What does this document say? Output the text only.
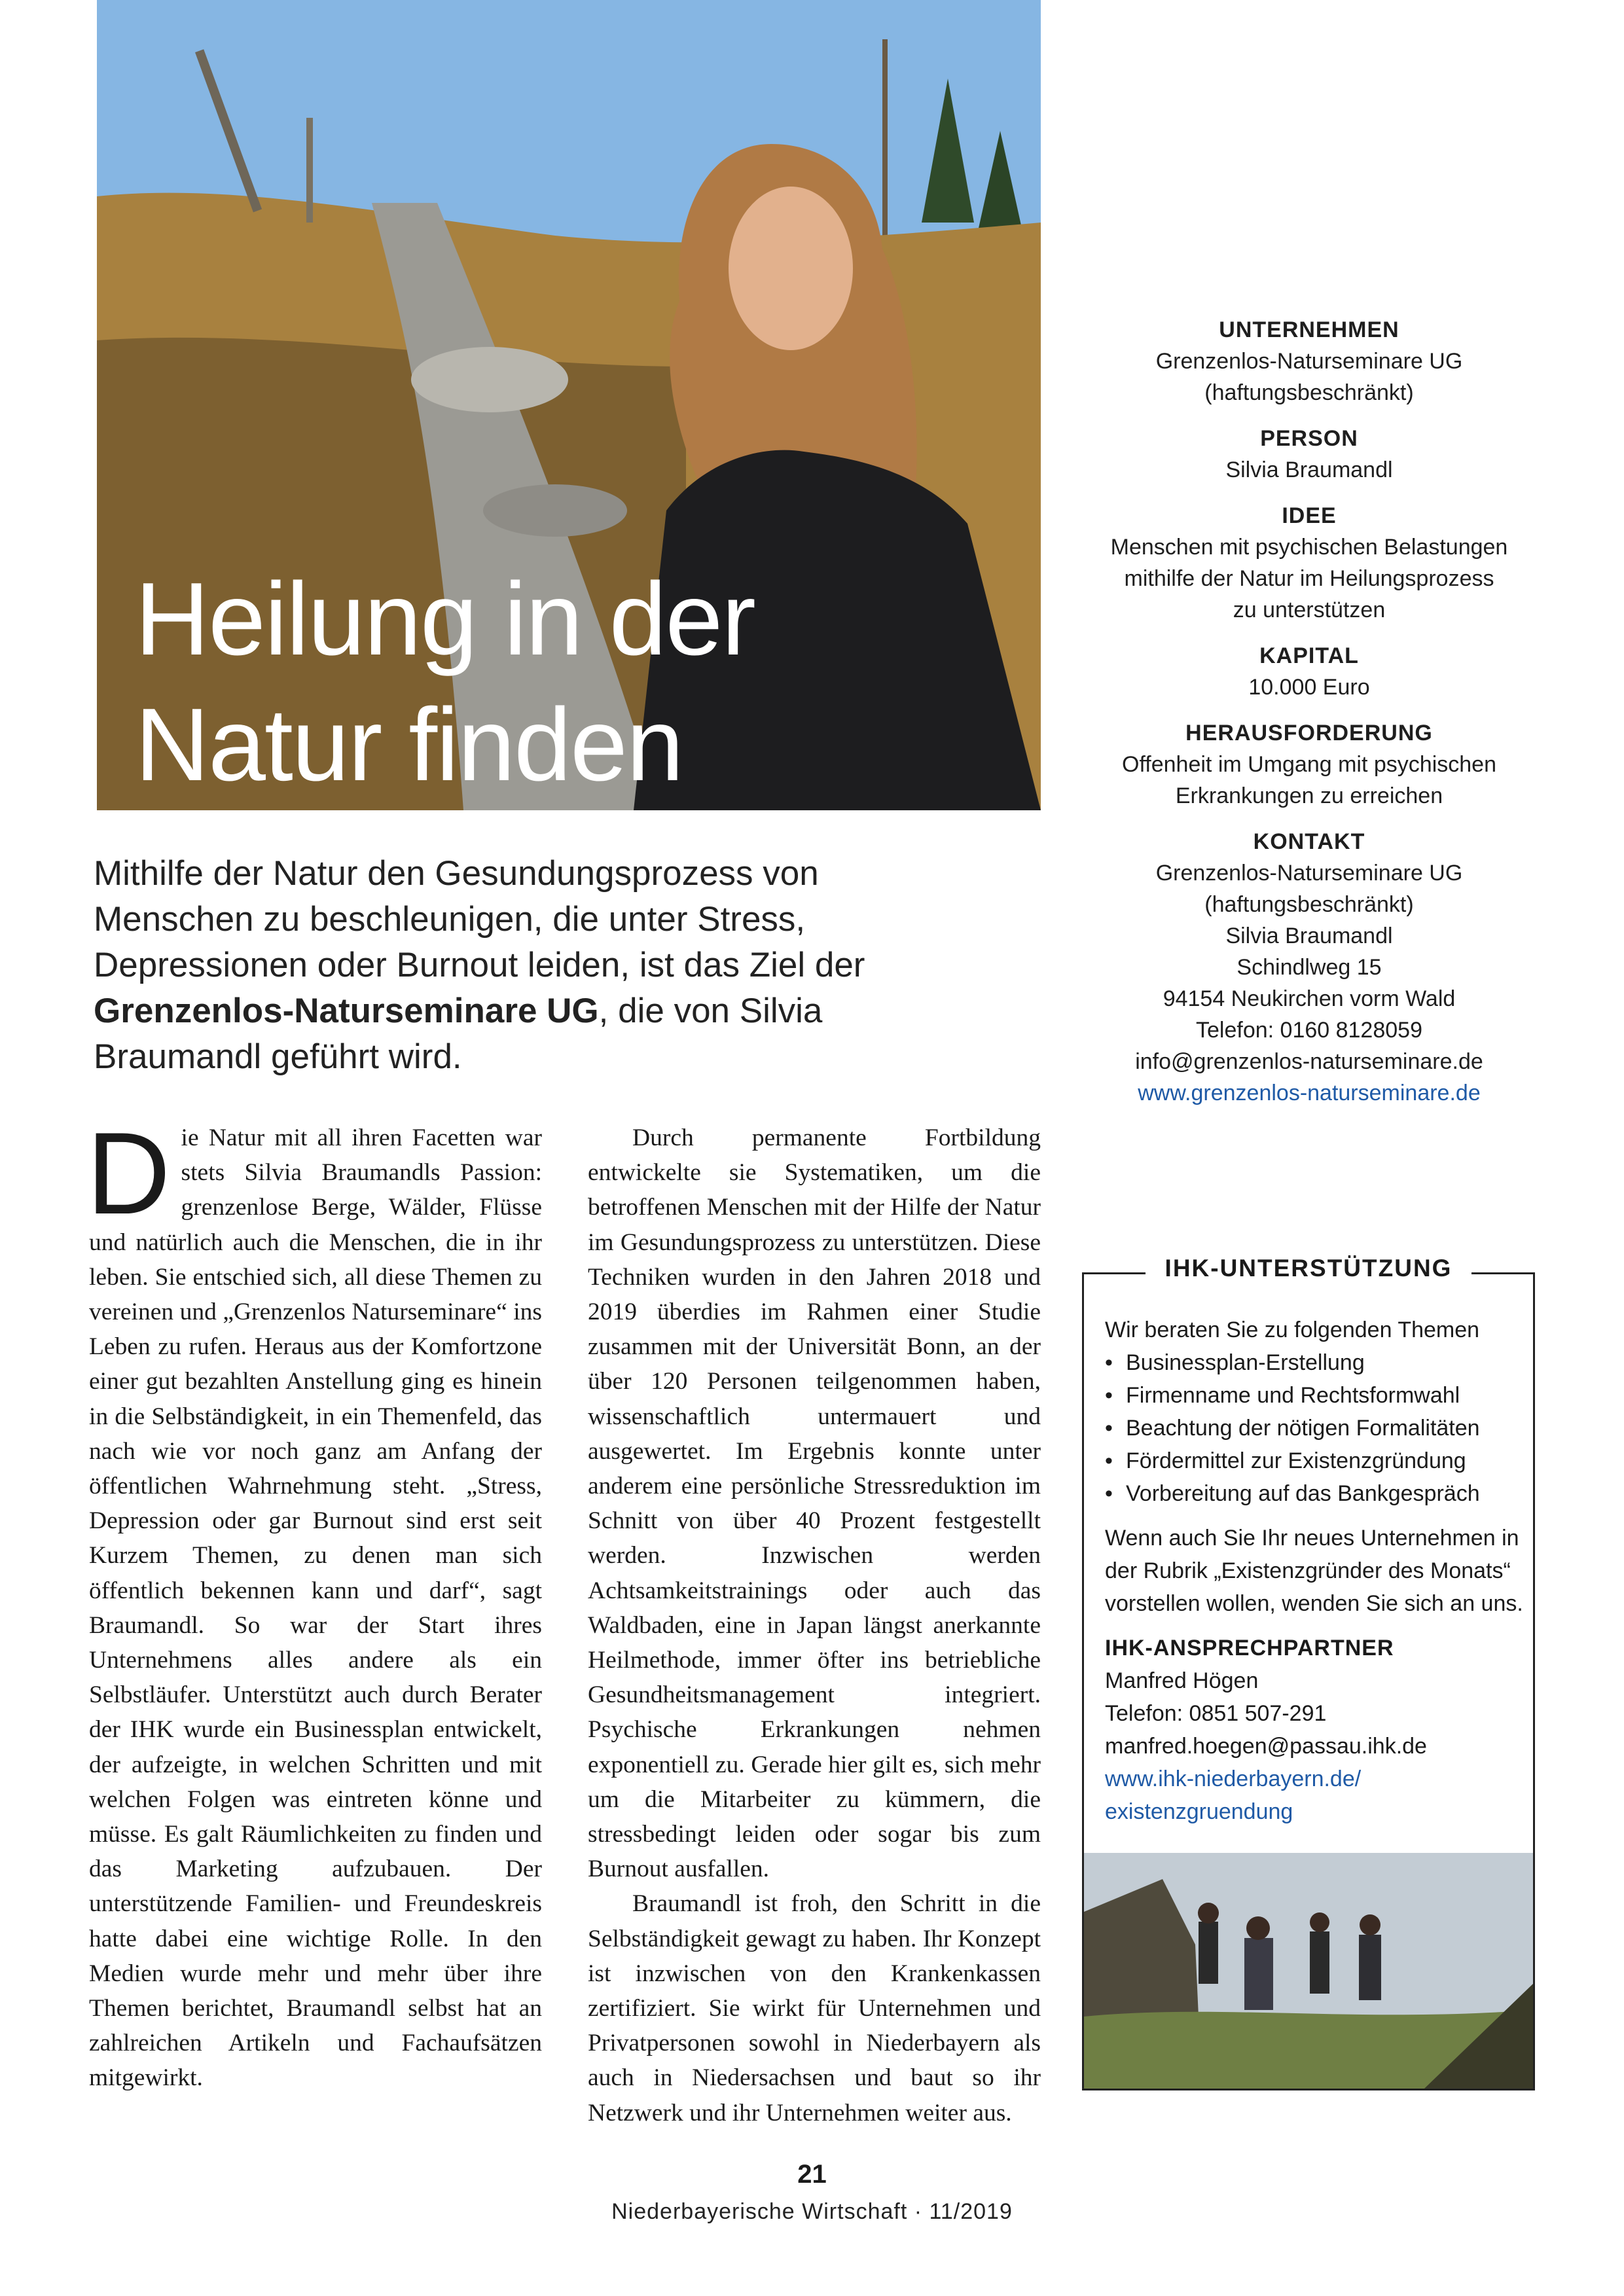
Heilung in der
Natur finden

Mithilfe der Natur den Gesundungsprozess von Menschen zu beschleunigen, die unter Stress, Depressionen oder Burnout leiden, ist das Ziel der Grenzenlos-Naturseminare UG, die von Silvia Braumandl geführt wird.

Die Natur mit all ihren Facetten war stets Silvia Braumandls Passion: grenzenlose Berge, Wälder, Flüsse und natürlich auch die Menschen, die in ihr leben. Sie entschied sich, all diese Themen zu vereinen und „Grenzenlos Naturseminare“ ins Leben zu rufen. Heraus aus der Komfortzone einer gut bezahlten Anstellung ging es hinein in die Selbständigkeit, in ein Themenfeld, das nach wie vor noch ganz am Anfang der öffentlichen Wahrnehmung steht. „Stress, Depression oder gar Burnout sind erst seit Kurzem Themen, zu denen man sich öffentlich bekennen kann und darf“, sagt Braumandl. So war der Start ihres Unternehmens alles andere als ein Selbstläufer. Unterstützt auch durch Berater der IHK wurde ein Businessplan entwickelt, der aufzeigte, in welchen Schritten und mit welchen Folgen was eintreten könne und müsse. Es galt Räumlichkeiten zu finden und das Marketing aufzubauen. Der unterstützende Familien- und Freundeskreis hatte dabei eine wichtige Rolle. In den Medien wurde mehr und mehr über ihre Themen berichtet, Braumandl selbst hat an zahlreichen Artikeln und Fachaufsätzen mitgewirkt.

Durch permanente Fortbildung entwickelte sie Systematiken, um die betroffenen Menschen mit der Hilfe der Natur im Gesundungsprozess zu unterstützen. Diese Techniken wurden in den Jahren 2018 und 2019 überdies im Rahmen einer Studie zusammen mit der Universität Bonn, an der über 120 Personen teilgenommen haben, wissenschaftlich untermauert und ausgewertet. Im Ergebnis konnte unter anderem eine persönliche Stressreduktion im Schnitt von über 40 Prozent festgestellt werden. Inzwischen werden Achtsamkeitstrainings oder auch das Waldbaden, eine in Japan längst anerkannte Heilmethode, immer öfter ins betriebliche Gesundheitsmanagement integriert. Psychische Erkrankungen nehmen exponentiell zu. Gerade hier gilt es, sich mehr um die Mitarbeiter zu kümmern, die stressbedingt leiden oder sogar bis zum Burnout ausfallen.

Braumandl ist froh, den Schritt in die Selbständigkeit gewagt zu haben. Ihr Konzept ist inzwischen von den Krankenkassen zertifiziert. Sie wirkt für Unternehmen und Privatpersonen sowohl in Niederbayern als auch in Niedersachsen und baut so ihr Netzwerk und ihr Unternehmen weiter aus.

UNTERNEHMEN
Grenzenlos-Naturseminare UG
(haftungsbeschränkt)
PERSON
Silvia Braumandl
IDEE
Menschen mit psychischen Belastungen
mithilfe der Natur im Heilungsprozess
zu unterstützen
KAPITAL
10.000 Euro
HERAUSFORDERUNG
Offenheit im Umgang mit psychischen
Erkrankungen zu erreichen
KONTAKT
Grenzenlos-Naturseminare UG
(haftungsbeschränkt)
Silvia Braumandl
Schindlweg 15
94154 Neukirchen vorm Wald
Telefon: 0160 8128059
info@grenzenlos-naturseminare.de
www.grenzenlos-naturseminare.de
IHK-UNTERSTÜTZUNG

Wir beraten Sie zu folgenden Themen

• Businessplan-Erstellung
• Firmenname und Rechtsformwahl
• Beachtung der nötigen Formalitäten
• Fördermittel zur Existenzgründung
• Vorbereitung auf das Bankgespräch

Wenn auch Sie Ihr neues Unternehmen in der Rubrik „Existenzgründer des Monats“ vorstellen wollen, wenden Sie sich an uns.

IHK-ANSPRECHPARTNER

Manfred Högen

Telefon: 0851 507-291

manfred.hoegen@passau.ihk.de

www.ihk-niederbayern.de/

existenzgruendung

21

Niederbayerische Wirtschaft · 11/2019
